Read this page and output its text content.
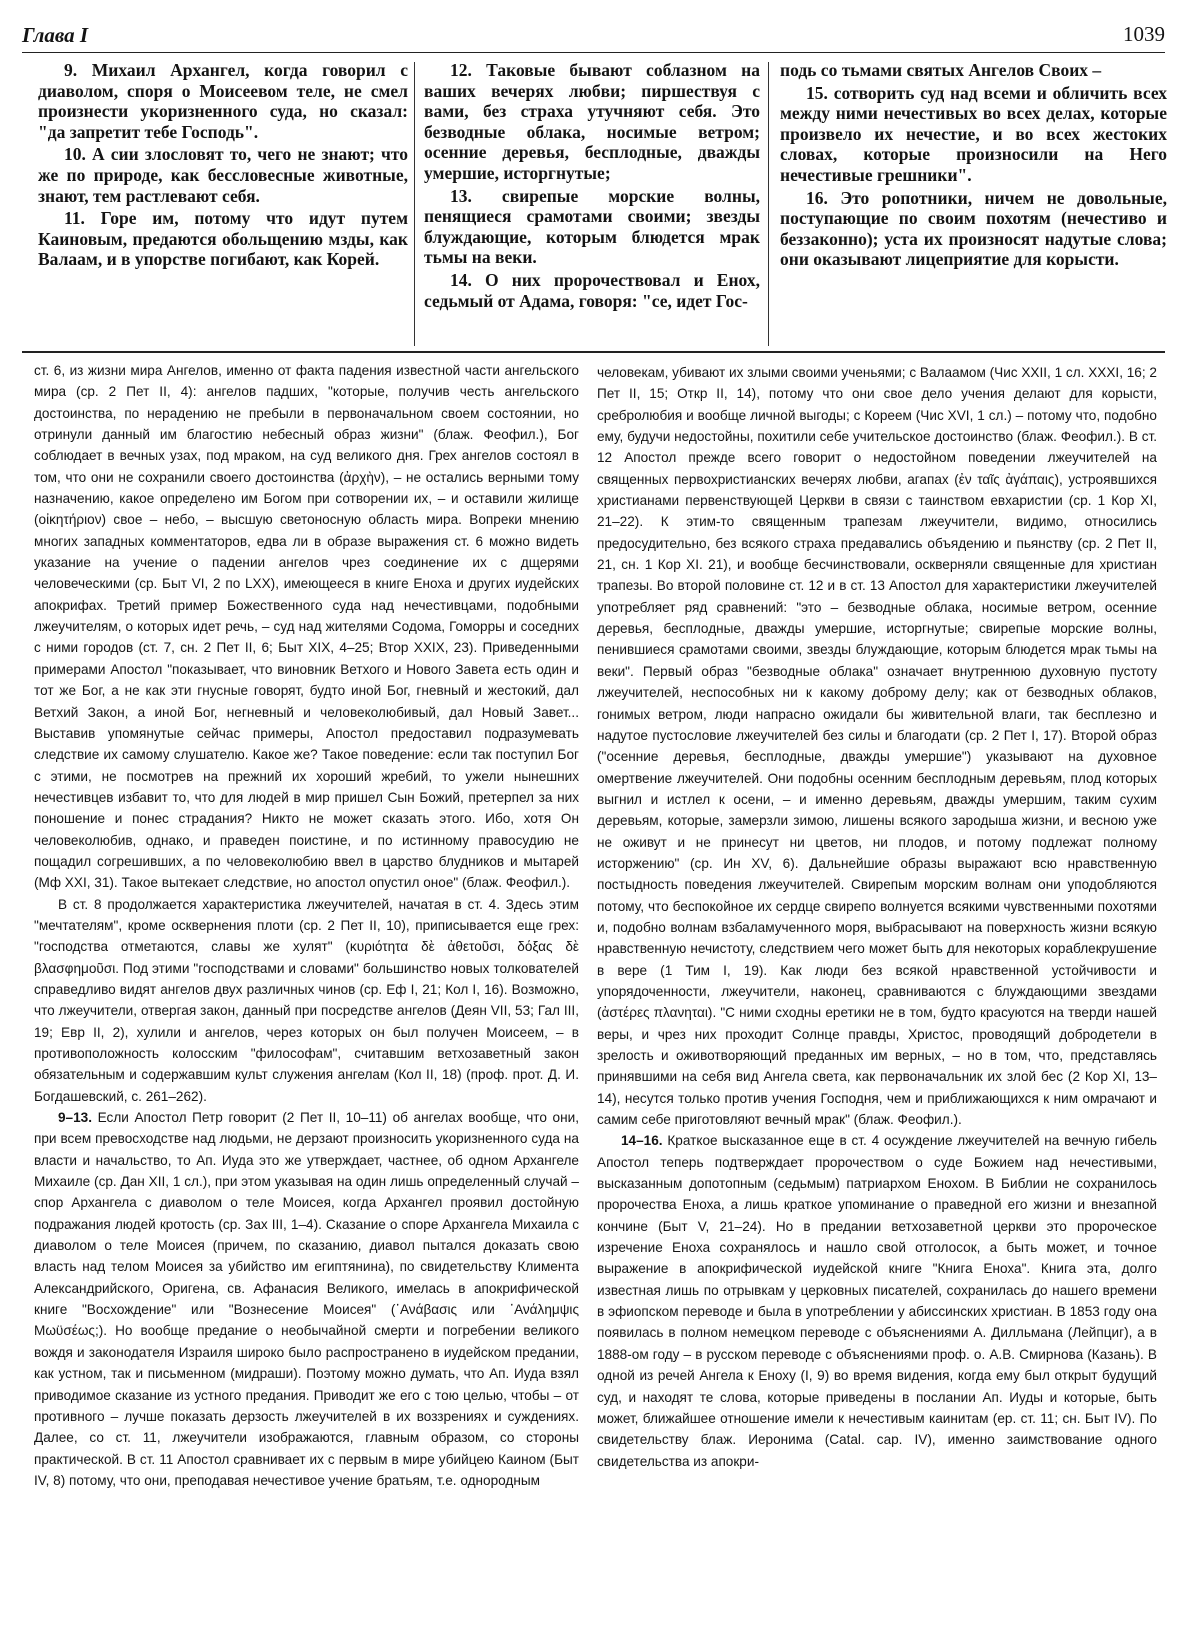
Глава I	1039

9. Михаил Архангел, когда говорил с диаволом, споря о Моисеевом теле, не смел произнести укоризненного суда, но сказал: "да запретит тебе Господь".

10. А сии злословят то, чего не знают; что же по природе, как бессловесные животные, знают, тем растлевают себя.

11. Горе им, потому что идут путем Каиновым, предаются обольщению мзды, как Валаам, и в упорстве погибают, как Корей.

12. Таковые бывают соблазном на ваших вечерях любви; пиршествуя с вами, без страха утучняют себя. Это безводные облака, носимые ветром; осенние деревья, бесплодные, дважды умершие, исторгнутые;

13. свирепые морские волны, пенящиеся срамотами своими; звезды блуждающие, которым блюдется мрак тьмы на веки.

14. О них пророчествовал и Енох, седьмый от Адама, говоря: "се, идет Гос-

подь со тьмами святых Ангелов Своих –

15. сотворить суд над всеми и обличить всех между ними нечестивых во всех делах, которые произвело их нечестие, и во всех жестоких словах, которые произносили на Него нечестивые грешники".

16. Это ропотники, ничем не довольные, поступающие по своим похотям (нечестиво и беззаконно); уста их произносят надутые слова; они оказывают лицеприятие для корысти.

ст. 6, из жизни мира Ангелов, именно от факта падения известной части ангельского мира (ср. 2 Пет II, 4): ангелов падших, "которые, получив честь ангельского достоинства, по нерадению не пребыли в первоначальном своем состоянии, но отринули данный им благостию небесный образ жизни" (блаж. Феофил.), Бог соблюдает в вечных узах, под мраком, на суд великого дня. Грех ангелов состоял в том, что они не сохранили своего достоинства (ἀρχὴν), – не остались верными тому назначению, какое определено им Богом при сотворении их, – и оставили жилище (οἰκητήριον) свое – небо, – высшую светоносную область мира. Вопреки мнению многих западных комментаторов, едва ли в образе выражения ст. 6 можно видеть указание на учение о падении ангелов чрез соединение их с дщерями человеческими (ср. Быт VI, 2 по LXX), имеющееся в книге Еноха и других иудейских апокрифах. Третий пример Божественного суда над нечестивцами, подобными лжеучителям, о которых идет речь, – суд над жителями Содома, Гоморры и соседних с ними городов (ст. 7, сн. 2 Пет II, 6; Быт XIX, 4–25; Втор XXIX, 23). Приведенными примерами Апостол "показывает, что виновник Ветхого и Нового Завета есть один и тот же Бог, а не как эти гнусные говорят, будто иной Бог, гневный и жестокий, дал Ветхий Закон, а иной Бог, негневный и человеколюбивый, дал Новый Завет... Выставив упомянутые сейчас примеры, Апостол предоставил подразумевать следствие их самому слушателю. Какое же? Такое поведение: если так поступил Бог с этими, не посмотрев на прежний их хороший жребий, то ужели нынешних нечестивцев избавит то, что для людей в мир пришел Сын Божий, претерпел за них поношение и понес страдания? Никто не может сказать этого. Ибо, хотя Он человеколюбив, однако, и праведен поистине, и по истинному правосудию не пощадил согрешивших, а по человеколюбию ввел в царство блудников и мытарей (Мф XXI, 31). Такое вытекает следствие, но апостол опустил оное" (блаж. Феофил.).

В ст. 8 продолжается характеристика лжеучителей, начатая в ст. 4. Здесь этим "мечтателям", кроме осквернения плоти (ср. 2 Пет II, 10), приписывается еще грех: "господства отметаются, славы же хулят" (κυριότητα δὲ ἀθετοῦσι, δόξας δὲ βλασφημοῦσι. Под этими "господствами и словами" большинство новых толкователей справедливо видят ангелов двух различных чинов (ср. Еф I, 21; Кол I, 16). Возможно, что лжеучители, отвергая закон, данный при посредстве ангелов (Деян VII, 53; Гал III, 19; Евр II, 2), хулили и ангелов, через которых он был получен Моисеем, – в противоположность колосским "философам", считавшим ветхозаветный закон обязательным и содержавшим культ служения ангелам (Кол II, 18) (проф. прот. Д. И. Богдашевский, с. 261–262).

9–13. Если Апостол Петр говорит (2 Пет II, 10–11) об ангелах вообще, что они, при всем превосходстве над людьми, не дерзают произносить укоризненного суда на власти и начальство, то Ап. Иуда это же утверждает, частнее, об одном Архангеле Михаиле (ср. Дан XII, 1 сл.), при этом указывая на один лишь определенный случай – спор Архангела с диаволом о теле Моисея, когда Архангел проявил достойную подражания людей кротость (ср. Зах III, 1–4). Сказание о споре Архангела Михаила с диаволом о теле Моисея (причем, по сказанию, диавол пытался доказать свою власть над телом Моисея за убийство им египтянина), по свидетельству Климента Александрийского, Оригена, св. Афанасия Великого, имелась в апокрифической книге "Восхождение" или "Вознесение Моисея" (᾿Ανάβασις или ᾿Ανάλημψις Μωϋσέως;). Но вообще предание о необычайной смерти и погребении великого вождя и законодателя Израиля широко было распространено в иудейском предании, как устном, так и письменном (мидраши). Поэтому можно думать, что Ап. Иуда взял приводимое сказание из устного предания. Приводит же его с тою целью, чтобы – от противного – лучше показать дерзость лжеучителей в их воззрениях и суждениях. Далее, со ст. 11, лжеучители изображаются, главным образом, со стороны практической. В ст. 11 Апостол сравнивает их с первым в мире убийцею Каином (Быт IV, 8) потому, что они, преподавая нечестивое учение братьям, т.е. однородным

человекам, убивают их злыми своими ученьями; с Валаамом (Чис XXII, 1 сл. XXXI, 16; 2 Пет II, 15; Откр II, 14), потому что они свое дело учения делают для корысти, сребролюбия и вообще личной выгоды; с Кореем (Чис XVI, 1 сл.) – потому что, подобно ему, будучи недостойны, похитили себе учительское достоинство (блаж. Феофил.). В ст. 12 Апостол прежде всего говорит о недостойном поведении лжеучителей на священных первохристианских вечерях любви, агапах (ἐν ταῖς ἀγάπαις), устроявшихся христианами первенствующей Церкви в связи с таинством евхаристии (ср. 1 Кор XI, 21–22). К этим-то священным трапезам лжеучители, видимо, относились предосудительно, без всякого страха предавались объядению и пьянству (ср. 2 Пет II, 21, сн. 1 Кор XI. 21), и вообще бесчинствовали, оскверняли священные для христиан трапезы. Во второй половине ст. 12 и в ст. 13 Апостол для характеристики лжеучителей употребляет ряд сравнений: "это – безводные облака, носимые ветром, осенние деревья, бесплодные, дважды умершие, исторгнутые; свирепые морские волны, пенившиеся срамотами своими, звезды блуждающие, которым блюдется мрак тьмы на веки". Первый образ "безводные облака" означает внутреннюю духовную пустоту лжеучителей, неспособных ни к какому доброму делу; как от безводных облаков, гонимых ветром, люди напрасно ожидали бы живительной влаги, так бесплезно и надутое пустословие лжеучителей без силы и благодати (ср. 2 Пет I, 17). Второй образ ("осенние деревья, бесплодные, дважды умершие") указывают на духовное омертвение лжеучителей. Они подобны осенним бесплодным деревьям, плод которых выгнил и истлел к осени, – и именно деревьям, дважды умершим, таким сухим деревьям, которые, замерзли зимою, лишены всякого зародыша жизни, и весною уже не оживут и не принесут ни цветов, ни плодов, и потому подлежат полному исторжению" (ср. Ин XV, 6). Дальнейшие образы выражают всю нравственную постыдность поведения лжеучителей. Свирепым морским волнам они уподобляются потому, что беспокойное их сердце свирепо волнуется всякими чувственными похотями и, подобно волнам взбаламученного моря, выбрасывают на поверхность жизни всякую нравственную нечистоту, следствием чего может быть для некоторых кораблекрушение в вере (1 Тим I, 19). Как люди без всякой нравственной устойчивости и упорядоченности, лжеучители, наконец, сравниваются с блуждающими звездами (ἀστέρες πλανηται). "С ними сходны еретики не в том, будто красуются на тверди нашей веры, и чрез них проходит Солнце правды, Христос, проводящий добродетели в зрелость и оживотворяющий преданных им верных, – но в том, что, представлясь принявшими на себя вид Ангела света, как первоначальник их злой бес (2 Кор XI, 13–14), несутся только против учения Господня, чем и приближающихся к ним омрачают и самим себе приготовляют вечный мрак" (блаж. Феофил.).

14–16. Краткое высказанное еще в ст. 4 осуждение лжеучителей на вечную гибель Апостол теперь подтверждает пророчеством о суде Божием над нечестивыми, высказанным допотопным (седьмым) патриархом Енохом. В Библии не сохранилось пророчества Еноха, а лишь краткое упоминание о праведной его жизни и внезапной кончине (Быт V, 21–24). Но в предании ветхозаветной церкви это пророческое изречение Еноха сохранялось и нашло свой отголосок, а быть может, и точное выражение в апокрифической иудейской книге "Книга Еноха". Книга эта, долго известная лишь по отрывкам у церковных писателей, сохранилась до нашего времени в эфиопском переводе и была в употреблении у абиссинских христиан. В 1853 году она появилась в полном немецком переводе с объяснениями А. Дилльмана (Лейпциг), а в 1888-ом году – в русском переводе с объяснениями проф. о. А.В. Смирнова (Казань). В одной из речей Ангела к Еноху (I, 9) во время видения, когда ему был открыт будущий суд, и находят те слова, которые приведены в послании Ап. Иуды и которые, быть может, ближайшее отношение имели к нечестивым каинитам (ер. ст. 11; сн. Быт IV). По свидетельству блаж. Иеронима (Catal. cap. IV), именно заимствование одного свидетельства из апокри-
